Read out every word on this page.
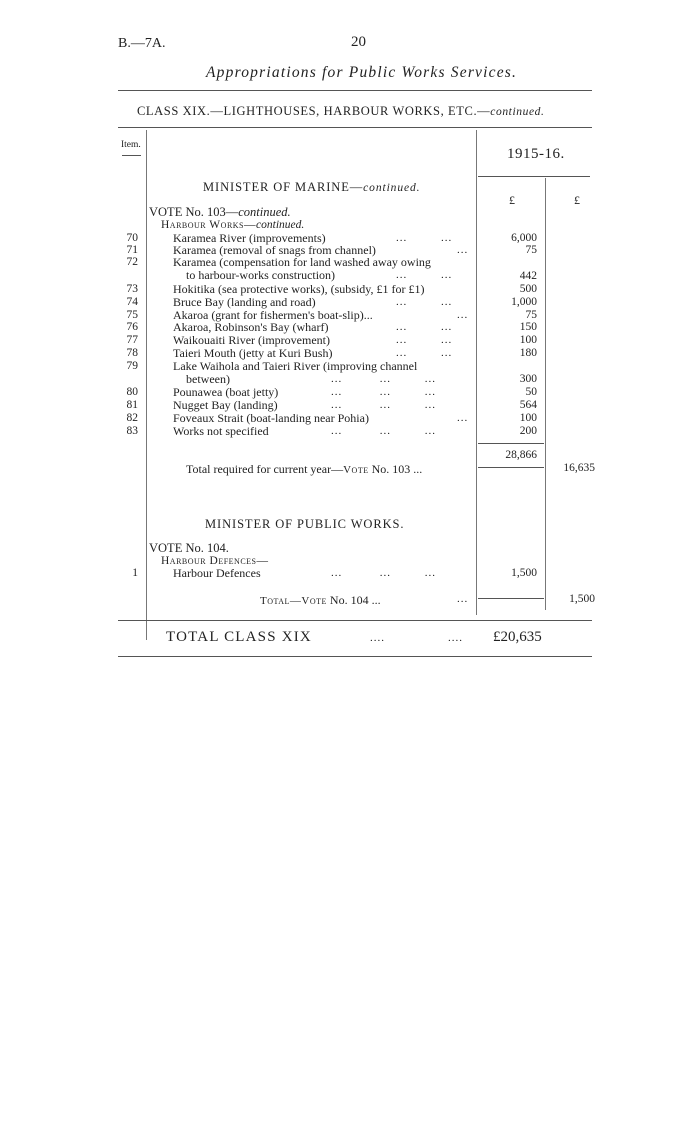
B.—7A.	20
Appropriations for Public Works Services.
CLASS XIX.—LIGHTHOUSES, HARBOUR WORKS, ETC.—continued.
Item.
1915-16.
£	£
MINISTER OF MARINE—continued.
VOTE No. 103—continued.
Harbour Works—continued.
70	Karamea River (improvements)	...         ...	6,000
71	Karamea (removal of snags from channel)	...	75
72	Karamea (compensation for land washed away owing
to harbour-works construction)	...         ...	442
73	Hokitika (sea protective works), (subsidy, £1 for £1)	500
74	Bruce Bay (landing and road)	...         ...	1,000
75	Akaroa (grant for fishermen's boat-slip)...	...	75
76	Akaroa, Robinson's Bay (wharf)	...         ...	150
77	Waikouaiti River (improvement)	...         ...	100
78	Taieri Mouth (jetty at Kuri Bush)	...         ...	180
79	Lake Waihola and Taieri River (improving channel
between)	...          ...         ...	300
80	Pounawea (boat jetty)	...          ...         ...	50
81	Nugget Bay (landing)	...          ...         ...	564
82	Foveaux Strait (boat-landing near Pohia)	...	100
83	Works not specified	...          ...         ...	200
28,866
Total required for current year—Vote No. 103 ...	16,635
MINISTER OF PUBLIC WORKS.
VOTE No. 104.
Harbour Defences—
1	Harbour Defences	...          ...         ...	1,500
Total—Vote No. 104 ...	...	1,500
TOTAL CLASS XIX	....	.... £20,635
